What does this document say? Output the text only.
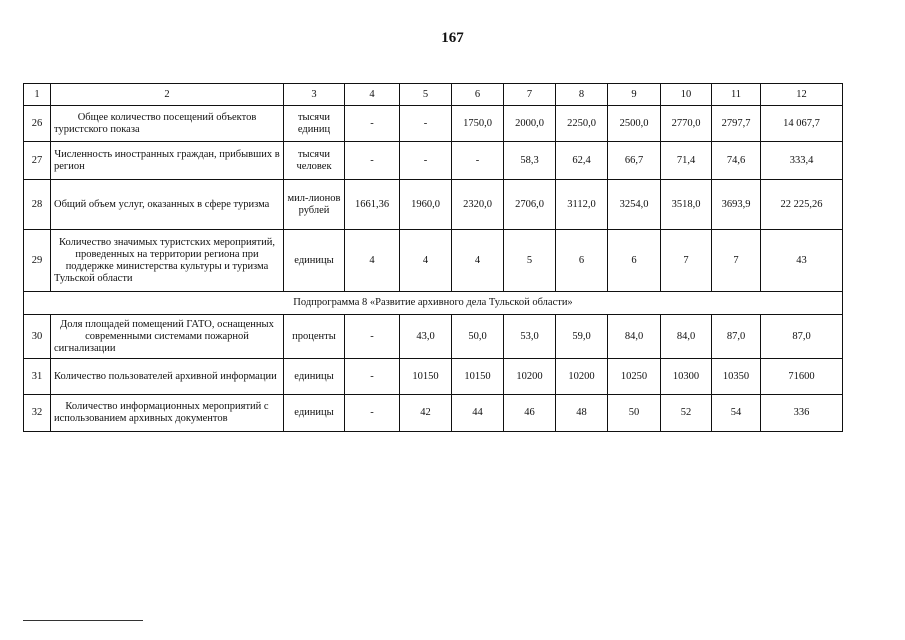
167
1	2	3	4	5	6	7	8	9	10	11	12
26	Общее количество посещений объектов туристского показа	тысячи единиц	-	-	1750,0	2000,0	2250,0	2500,0	2770,0	2797,7	14 067,7
27	Численность иностранных граждан, прибывших в регион	тысячи человек	-	-	-	58,3	62,4	66,7	71,4	74,6	333,4
28	Общий объем услуг, оказанных в сфере туризма	мил-лионов рублей	1661,36	1960,0	2320,0	2706,0	3112,0	3254,0	3518,0	3693,9	22 225,26
29	Количество значимых туристских мероприятий, проведенных на территории региона при поддержке министерства культуры и туризма Тульской области	единицы	4	4	4	5	6	6	7	7	43
Подпрограмма 8 «Развитие архивного дела Тульской области»											
30	Доля площадей помещений ГАТО, оснащенных современными системами пожарной сигнализации	проценты	-	43,0	50,0	53,0	59,0	84,0	84,0	87,0	87,0
31	Количество пользователей архивной информации	единицы	-	10150	10150	10200	10200	10250	10300	10350	71600
32	Количество информационных мероприятий с использованием архивных документов	единицы	-	42	44	46	48	50	52	54	336
